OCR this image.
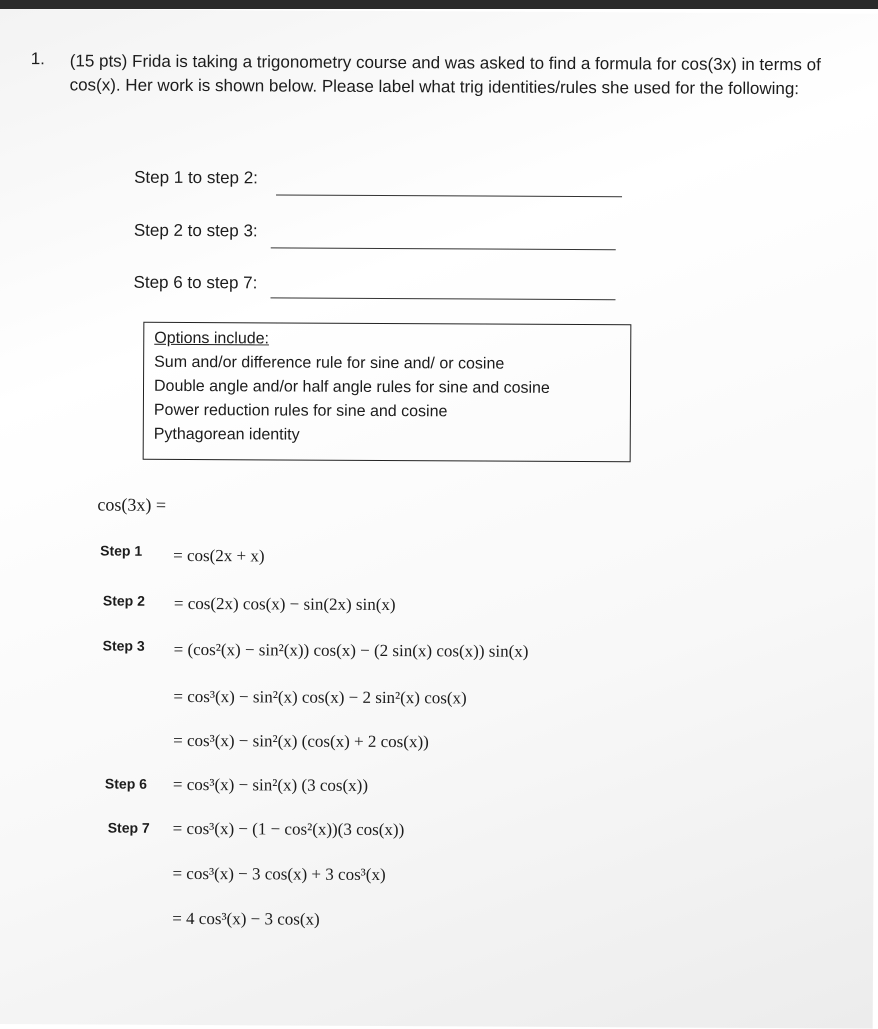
1. (15 pts) Frida is taking a trigonometry course and was asked to find a formula for cos(3x) in terms of cos(x). Her work is shown below. Please label what trig identities/rules she used for the following:
Step 1 to step 2:
Step 2 to step 3:
Step 6 to step 7:
Options include:
Sum and/or difference rule for sine and/ or cosine
Double angle and/or half angle rules for sine and cosine
Power reduction rules for sine and cosine
Pythagorean identity
cos(3x) =
Step 1 = cos(2x + x)
Step 2 = cos(2x) cos(x) − sin(2x) sin(x)
Step 3 = (cos²(x) − sin²(x)) cos(x) − (2 sin(x) cos(x)) sin(x)
= cos³(x) − sin²(x) cos(x) − 2 sin²(x) cos(x)
= cos³(x) − sin²(x) (cos(x) + 2 cos(x))
Step 6 = cos³(x) − sin²(x) (3 cos(x))
Step 7 = cos³(x) − (1 − cos²(x))(3 cos(x))
= cos³(x) − 3 cos(x) + 3 cos³(x)
= 4 cos³(x) − 3 cos(x)
